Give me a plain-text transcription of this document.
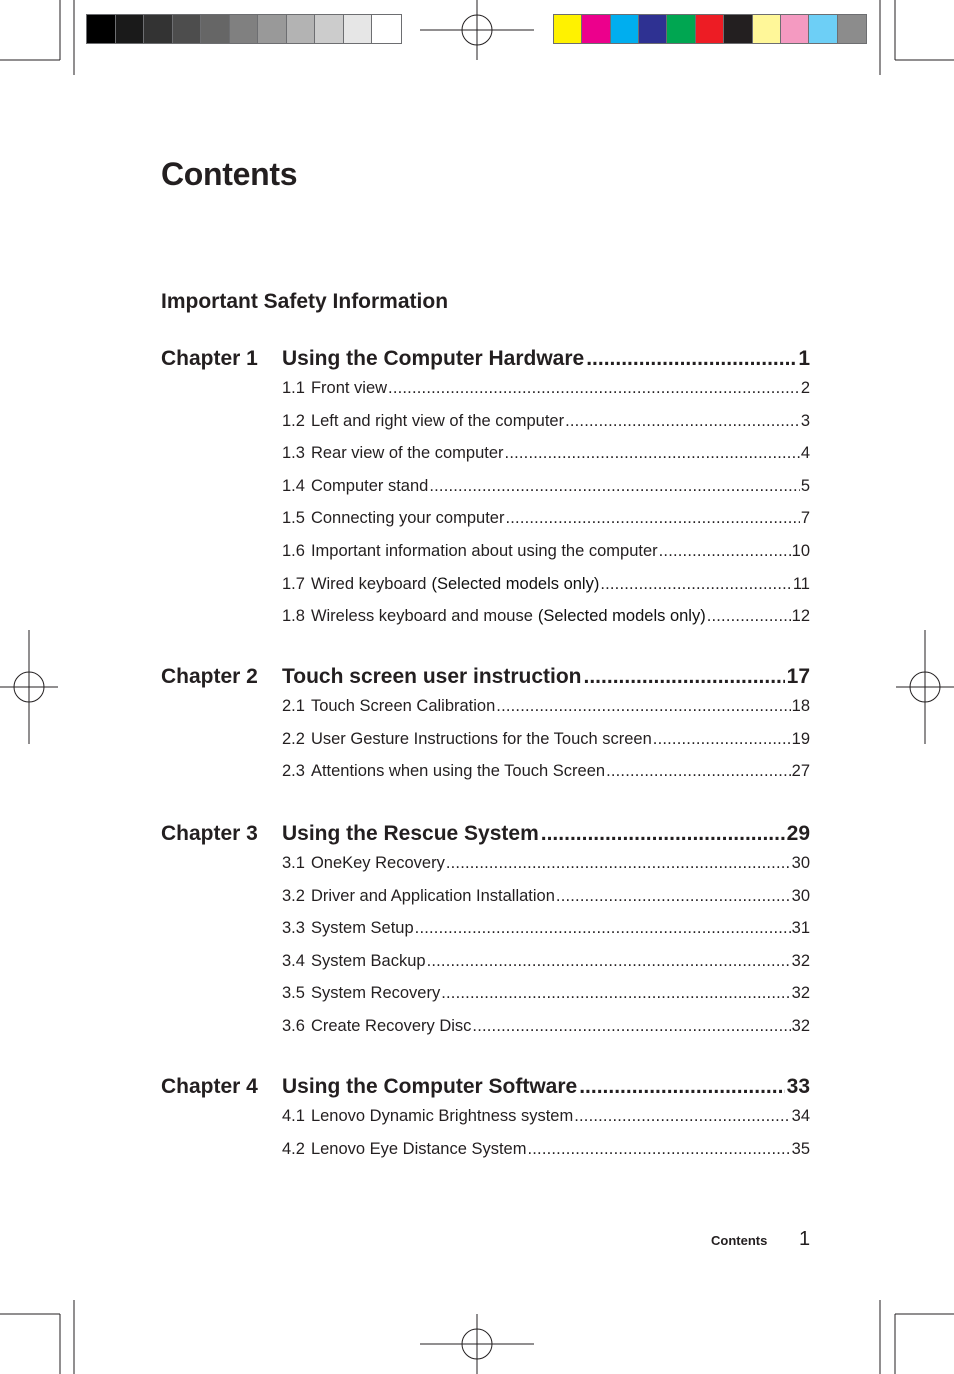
Contents
Important Safety Information
Chapter 1	Using the Computer Hardware .....	1
1.1 Front view .....	2
1.2 Left and right view of the computer .....	3
1.3 Rear view of the computer .....	4
1.4 Computer stand .....	5
1.5 Connecting your computer .....	7
1.6 Important information about using the computer .....	10
1.7 Wired keyboard (Selected models only) .....	11
1.8 Wireless keyboard and mouse (Selected models only) .....	12
Chapter 2	Touch screen user instruction .....	17
2.1 Touch Screen Calibration .....	18
2.2 User Gesture Instructions for the Touch screen .....	19
2.3 Attentions when using the Touch Screen .....	27
Chapter 3	Using the Rescue System .....	29
3.1 OneKey Recovery .....	30
3.2 Driver and Application Installation .....	30
3.3 System Setup .....	31
3.4 System Backup .....	32
3.5 System Recovery .....	32
3.6 Create Recovery Disc .....	32
Chapter 4	Using the Computer Software .....	33
4.1 Lenovo Dynamic Brightness system .....	34
4.2 Lenovo Eye Distance System .....	35
Contents 1
